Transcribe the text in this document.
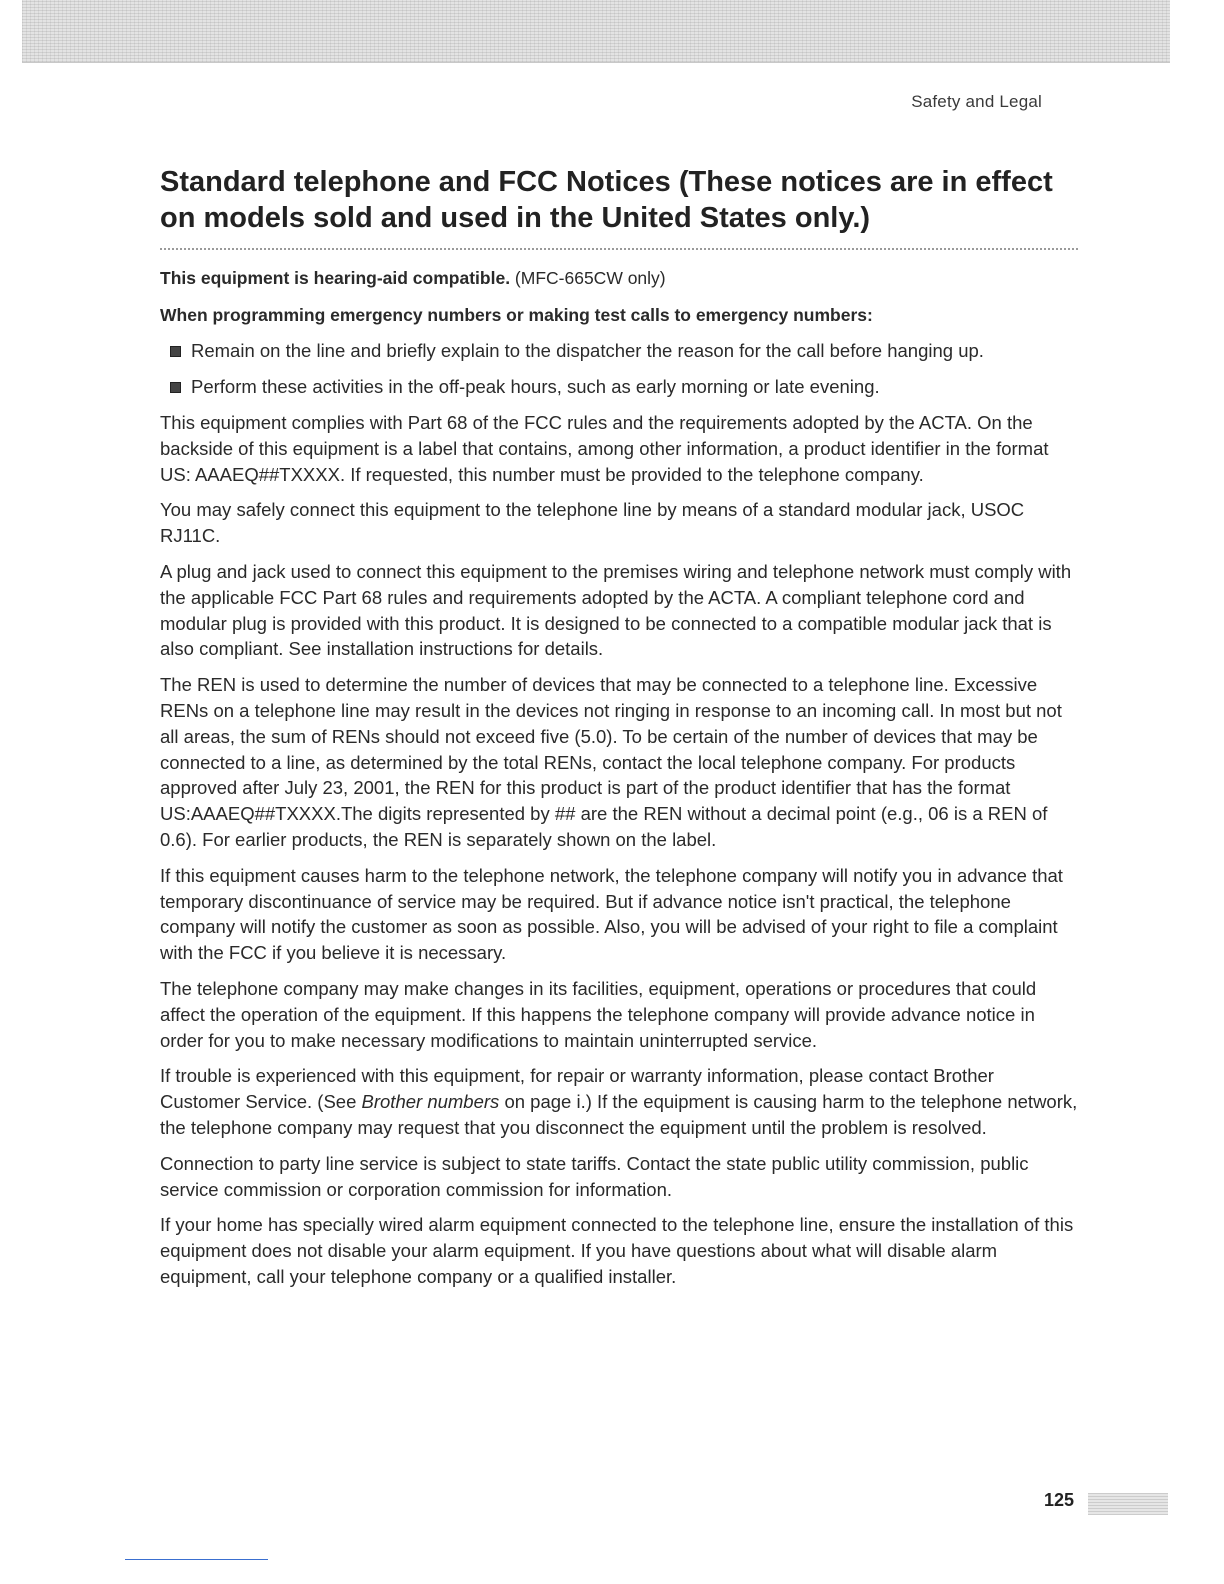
Safety and Legal
Standard telephone and FCC Notices (These notices are in effect on models sold and used in the United States only.)

This equipment is hearing-aid compatible. (MFC-665CW only)

When programming emergency numbers or making test calls to emergency numbers:

Remain on the line and briefly explain to the dispatcher the reason for the call before hanging up.
Perform these activities in the off-peak hours, such as early morning or late evening.

This equipment complies with Part 68 of the FCC rules and the requirements adopted by the ACTA. On the backside of this equipment is a label that contains, among other information, a product identifier in the format US: AAAEQ##TXXXX. If requested, this number must be provided to the telephone company.

You may safely connect this equipment to the telephone line by means of a standard modular jack, USOC RJ11C.

A plug and jack used to connect this equipment to the premises wiring and telephone network must comply with the applicable FCC Part 68 rules and requirements adopted by the ACTA. A compliant telephone cord and modular plug is provided with this product. It is designed to be connected to a compatible modular jack that is also compliant. See installation instructions for details.

The REN is used to determine the number of devices that may be connected to a telephone line. Excessive RENs on a telephone line may result in the devices not ringing in response to an incoming call. In most but not all areas, the sum of RENs should not exceed five (5.0). To be certain of the number of devices that may be connected to a line, as determined by the total RENs, contact the local telephone company. For products approved after July 23, 2001, the REN for this product is part of the product identifier that has the format US:AAAEQ##TXXXX.The digits represented by ## are the REN without a decimal point (e.g., 06 is a REN of 0.6). For earlier products, the REN is separately shown on the label.

If this equipment causes harm to the telephone network, the telephone company will notify you in advance that temporary discontinuance of service may be required. But if advance notice isn't practical, the telephone company will notify the customer as soon as possible. Also, you will be advised of your right to file a complaint with the FCC if you believe it is necessary.

The telephone company may make changes in its facilities, equipment, operations or procedures that could affect the operation of the equipment. If this happens the telephone company will provide advance notice in order for you to make necessary modifications to maintain uninterrupted service.

If trouble is experienced with this equipment, for repair or warranty information, please contact Brother Customer Service. (See Brother numbers on page i.) If the equipment is causing harm to the telephone network, the telephone company may request that you disconnect the equipment until the problem is resolved.

Connection to party line service is subject to state tariffs. Contact the state public utility commission, public service commission or corporation commission for information.

If your home has specially wired alarm equipment connected to the telephone line, ensure the installation of this equipment does not disable your alarm equipment. If you have questions about what will disable alarm equipment, call your telephone company or a qualified installer.

125
